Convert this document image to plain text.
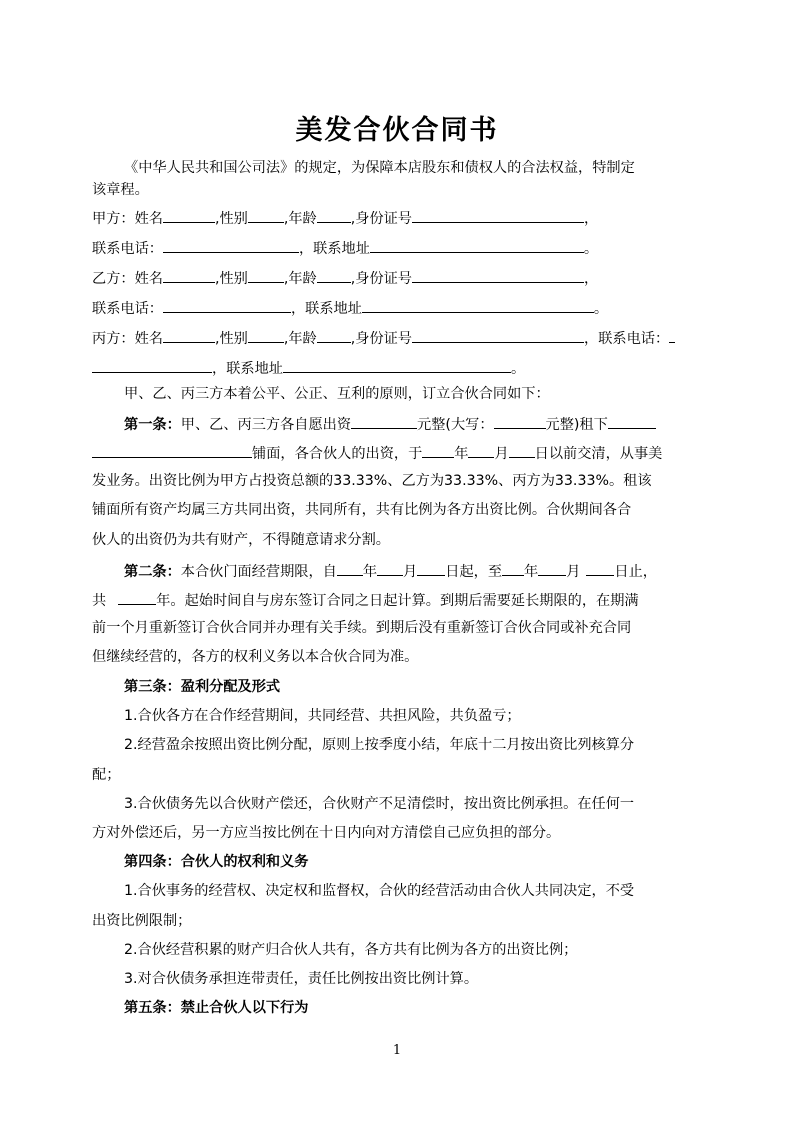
美发合伙合同书
《中华人民共和国公司法》的规定，为保障本店股东和债权人的合法权益，特制定
该章程。
甲方：姓名	,性别	,年龄 ,身份证号	，
联系电话：	，联系地址	。
乙方：姓名	,性别	,年龄 ,身份证号	，
联系电话：	，联系地址	。
丙方：姓名	,性别	,年龄 ,身份证号	，联系电话：
，联系地址	。
甲、乙、丙三方本着公平、公正、互利的原则，订立合伙合同如下：
第一条：甲、乙、丙三方各自愿出资	元整(大写：	元整)租下
铺面，各合伙人的出资，于 年 月 日以前交清，从事美
发业务。出资比例为甲方占投资总额的33.33%、乙方为33.33%、丙方为33.33%。租该
铺面所有资产均属三方共同出资，共同所有，共有比例为各方出资比例。合伙期间各合
伙人的出资仍为共有财产，不得随意请求分割。
第二条：本合伙门面经营期限，自 年 月 日起，至 年 月 日止，
共	年。起始时间自与房东签订合同之日起计算。到期后需要延长期限的，在期满
前一个月重新签订合伙合同并办理有关手续。到期后没有重新签订合伙合同或补充合同
但继续经营的，各方的权利义务以本合伙合同为准。
第三条：盈利分配及形式
1.合伙各方在合作经营期间，共同经营、共担风险，共负盈亏；
2.经营盈余按照出资比例分配，原则上按季度小结，年底十二月按出资比列核算分
配；
3.合伙债务先以合伙财产偿还，合伙财产不足清偿时，按出资比例承担。在任何一
方对外偿还后，另一方应当按比例在十日内向对方清偿自己应负担的部分。
第四条：合伙人的权利和义务
1.合伙事务的经营权、决定权和监督权，合伙的经营活动由合伙人共同决定，不受
出资比例限制；
2.合伙经营积累的财产归合伙人共有，各方共有比例为各方的出资比例；
3.对合伙债务承担连带责任，责任比例按出资比例计算。
第五条：禁止合伙人以下行为
1
